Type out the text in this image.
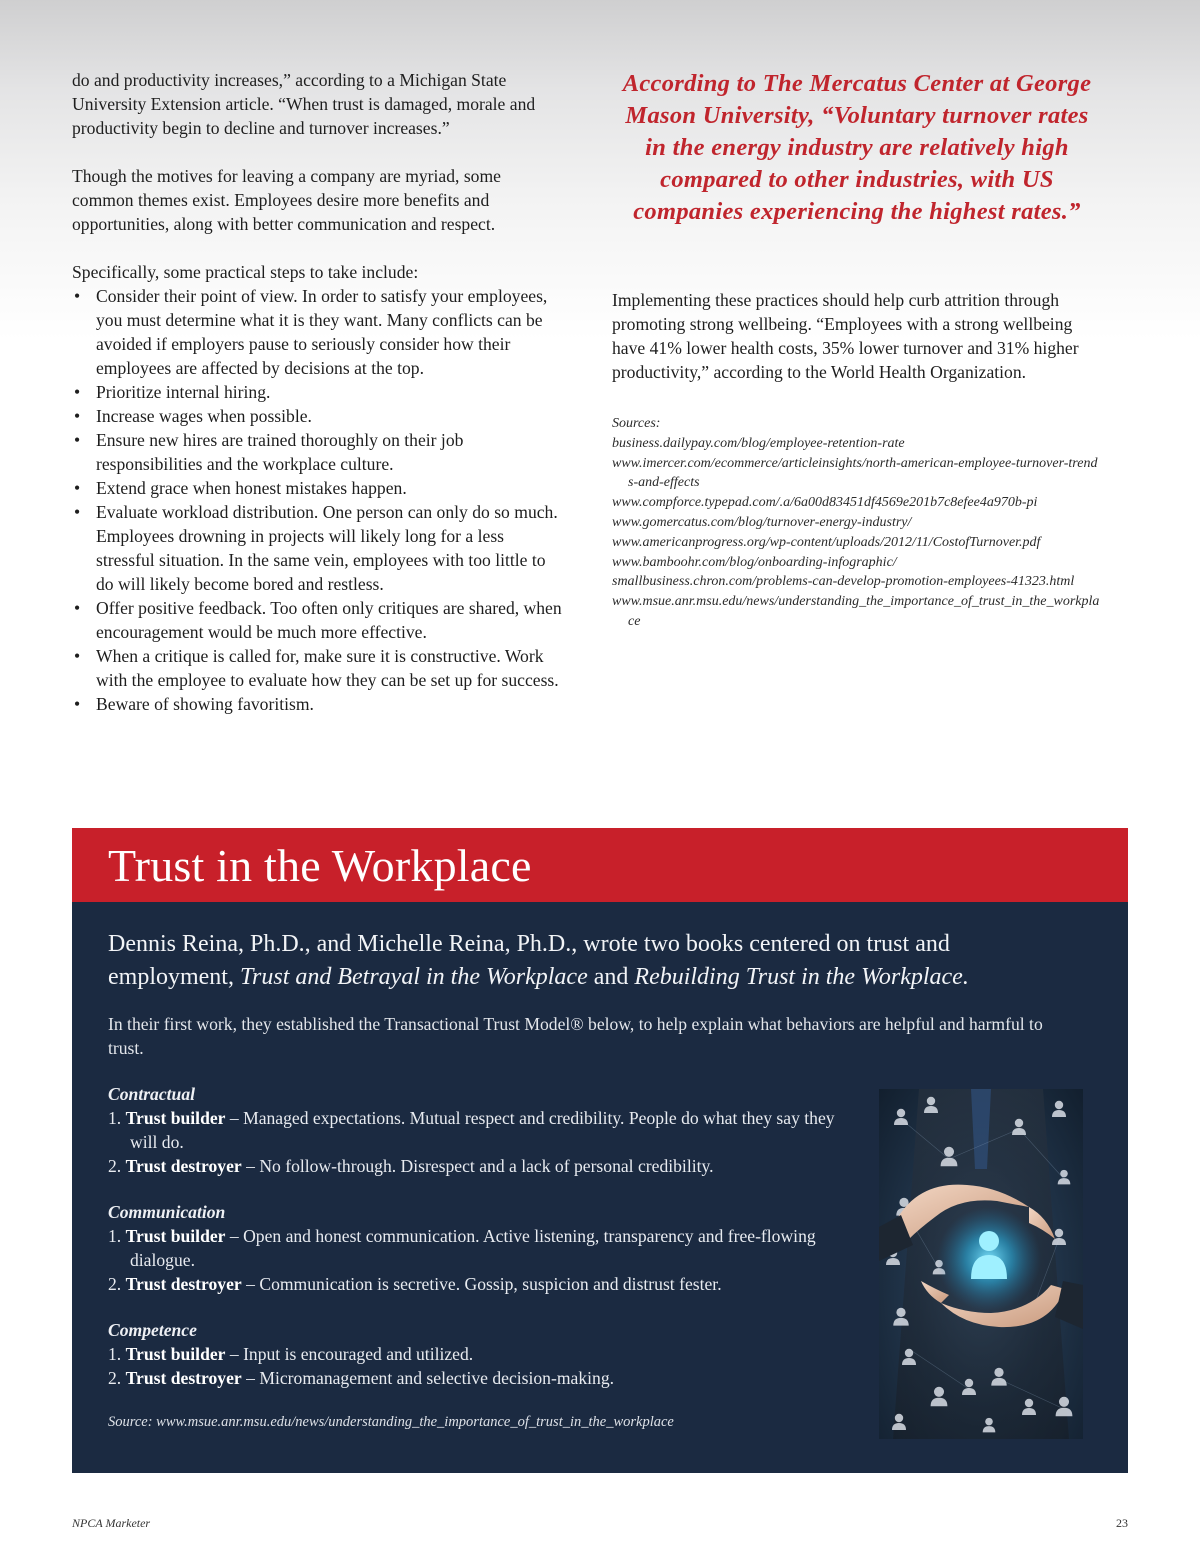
do and productivity increases,” according to a Michigan State University Extension article. “When trust is damaged, morale and productivity begin to decline and turnover increases.”

Though the motives for leaving a company are myriad, some common themes exist. Employees desire more benefits and opportunities, along with better communication and respect.

Specifically, some practical steps to take include:

• Consider their point of view. In order to satisfy your employees, you must determine what it is they want. Many conflicts can be avoided if employers pause to seriously consider how their employees are affected by decisions at the top.
• Prioritize internal hiring.
• Increase wages when possible.
• Ensure new hires are trained thoroughly on their job responsibilities and the workplace culture.
• Extend grace when honest mistakes happen.
• Evaluate workload distribution. One person can only do so much. Employees drowning in projects will likely long for a less stressful situation. In the same vein, employees with too little to do will likely become bored and restless.
• Offer positive feedback. Too often only critiques are shared, when encouragement would be much more effective.
• When a critique is called for, make sure it is constructive. Work with the employee to evaluate how they can be set up for success.
• Beware of showing favoritism.

According to The Mercatus Center at George Mason University, “Voluntary turnover rates in the energy industry are relatively high compared to other industries, with US companies experiencing the highest rates.”

Implementing these practices should help curb attrition through promoting strong wellbeing. “Employees with a strong wellbeing have 41% lower health costs, 35% lower turnover and 31% higher productivity,” according to the World Health Organization.

Sources:

business.dailypay.com/blog/employee-retention-rate

www.imercer.com/ecommerce/articleinsights/north-american-employee-turnover-trends-and-effects

www.compforce.typepad.com/.a/6a00d83451df4569e201b7c8efee4a970b-pi

www.gomercatus.com/blog/turnover-energy-industry/

www.americanprogress.org/wp-content/uploads/2012/11/CostofTurnover.pdf

www.bamboohr.com/blog/onboarding-infographic/

smallbusiness.chron.com/problems-can-develop-promotion-employees-41323.html

www.msue.anr.msu.edu/news/understanding_the_importance_of_trust_in_the_workplace

Trust in the Workplace

Dennis Reina, Ph.D., and Michelle Reina, Ph.D., wrote two books centered on trust and employment, Trust and Betrayal in the Workplace and Rebuilding Trust in the Workplace.

In their first work, they established the Transactional Trust Model® below, to help explain what behaviors are helpful and harmful to trust.

Contractual

1. Trust builder – Managed expectations. Mutual respect and credibility. People do what they say they will do.

2. Trust destroyer – No follow-through. Disrespect and a lack of personal credibility.

Communication

1. Trust builder – Open and honest communication. Active listening, transparency and free-flowing dialogue.

2. Trust destroyer – Communication is secretive. Gossip, suspicion and distrust fester.

Competence

1. Trust builder – Input is encouraged and utilized.

2. Trust destroyer – Micromanagement and selective decision-making.

Source: www.msue.anr.msu.edu/news/understanding_the_importance_of_trust_in_the_workplace

NPCA Marketer	23
